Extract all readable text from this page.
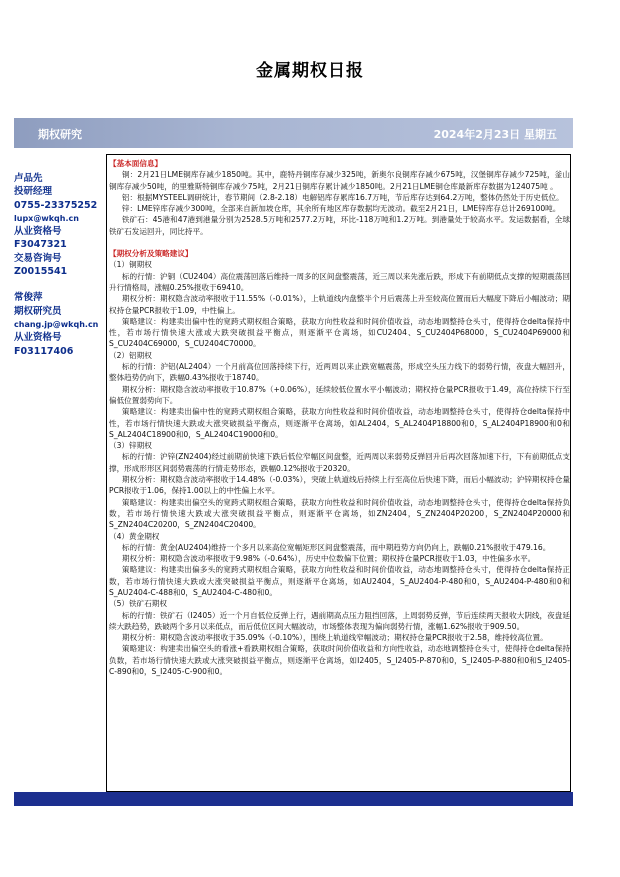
金属期权日报
期权研究	2024年2月23日 星期五
卢品先
投研经理
0755-23375252
lupx@wkqh.cn
从业资格号
F3047321
交易咨询号
Z0015541
常俊萍
期权研究员
chang.jp@wkqh.cn
从业资格号
F03117406

【基本面信息】

铜：2月21日LME铜库存减少1850吨。其中，鹿特丹铜库存减少325吨，新奥尔良铜库存减少675吨，汉堡铜库存减少725吨，釜山铜库存减少50吨，的里雅斯特铜库存减少75吨，2月21日铜库存累计减少1850吨。2月21日LME铜仓库最新库存数据为124075吨 。

铝：根据MYSTEEL调研统计，春节期间（2.8-2.18）电解铝库存累库16.7万吨，节后库存达到64.2万吨，整体仍然处于历史低位。

锌：LME锌库存减少300吨，全部来自新加坡仓库，其余所有地区库存数据均无波动。截至2月21日，LME锌库存总计269100吨。

铁矿石：45港和47港到港量分别为2528.5万吨和2577.2万吨，环比-118万吨和1.2万吨。到港量处于较高水平。发运数据看，全球铁矿石发运回升，同比持平。

【期权分析及策略建议】

（1）铜期权

标的行情：沪铜（CU2404）高位震荡回落后维持一周多的区间盘整震荡，近三周以来先涨后跌，形成下有前期低点支撑的短期震荡回升行情格局，涨幅0.25%报收于69410。

期权分析：期权隐含波动率报收于11.55%（-0.01%），上轨道线内盘整半个月后震荡上升至较高位置而后大幅度下降后小幅波动；期权持仓量PCR报收于1.09，中性偏上。

策略建议：构建卖出偏中性的宽跨式期权组合策略，获取方向性收益和时间价值收益，动态地调整持仓头寸，使得持仓delta保持中性，若市场行情快速大涨或大跌突破损益平衡点，则逐渐平仓离场，如CU2404、S_CU2404P68000，S_CU2404P69000和S_CU2404C69000，S_CU2404C70000。

（2）铝期权

标的行情：沪铝(AL2404）一个月前高位回落持续下行，近两周以来止跌宽幅震荡，形成空头压力线下的弱势行情，夜盘大幅回升，整体趋势仍向下，跌幅0.43%报收于18740。

期权分析：期权隐含波动率报收于10.87%（+0.06%），延续较低位置水平小幅波动；期权持仓量PCR报收于1.49，高位持续下行至偏低位置弱势向下。

策略建议：构建卖出偏中性的宽跨式期权组合策略，获取方向性收益和时间价值收益，动态地调整持仓头寸，使得持仓delta保持中性，若市场行情快速大跌或大涨突破损益平衡点，则逐渐平仓离场，如AL2404，S_AL2404P18800和0，S_AL2404P18900和0和S_AL2404C18900和0，S_AL2404C19000和0。

（3）锌期权

标的行情：沪锌(ZN2404)经过前期前快速下跌后低位窄幅区间盘整，近两周以来弱势反弹回升后再次回落加速下行，下有前期低点支撑，形成形形区间弱势震荡的行情走势形态，跌幅0.12%报收于20320。

期权分析：期权隐含波动率报收于14.48%（-0.03%），突破上轨道线后持续上行至高位后快速下降，而后小幅波动；沪锌期权持仓量PCR报收于1.06，保持1.00以上的中性偏上水平。

策略建议：构建卖出偏空头的宽跨式期权组合策略，获取方向性收益和时间价值收益，动态地调整持仓头寸，使得持仓delta保持负数，若市场行情快速大跌或大涨突破损益平衡点，则逐渐平仓离场，如ZN2404，S_ZN2404P20200，S_ZN2404P20000和S_ZN2404C20200，S_ZN2404C20400。

（4）黄金期权

标的行情：黄金(AU2404)维持一个多月以来高位宽幅矩形区间盘整震荡，而中期趋势方向仍向上，跌幅0.21%报收于479.16。

期权分析：期权隐含波动率报收于9.98%（-0.64%），历史中位数偏下位置；期权持仓量PCR报收于1.03，中性偏多水平。

策略建议：构建卖出偏多头的宽跨式期权组合策略，获取方向性收益和时间价值收益，动态地调整持仓头寸，使得持仓delta保持正数，若市场行情快速大跌或大涨突破损益平衡点，则逐渐平仓离场，如AU2404，S_AU2404-P-480和0，S_AU2404-P-480和0和S_AU2404-C-488和0，S_AU2404-C-480和0。

（5）铁矿石期权

标的行情：铁矿石（I2405）近一个月自低位反弹上行，遇前期高点压力阻挡回落，上周弱势反弹，节后连续两天报收大阴线，夜盘延续大跌趋势，跌破两个多月以来低点，而后低位区间大幅波动，市场整体表现为偏向弱势行情，涨幅1.62%报收于909.50。

期权分析：期权隐含波动率报收于35.09%（-0.10%），围绕上轨道线窄幅波动；期权持仓量PCR报收于2.58，维持较高位置。

策略建议：构建卖出偏空头的看涨+看跌期权组合策略，获取时间价值收益和方向性收益，动态地调整持仓头寸，使得持仓delta保持负数，若市场行情快速大跌或大涨突破损益平衡点，则逐渐平仓离场，如I2405，S_I2405-P-870和0，S_I2405-P-880和0和S_I2405-C-890和0，S_I2405-C-900和0。
